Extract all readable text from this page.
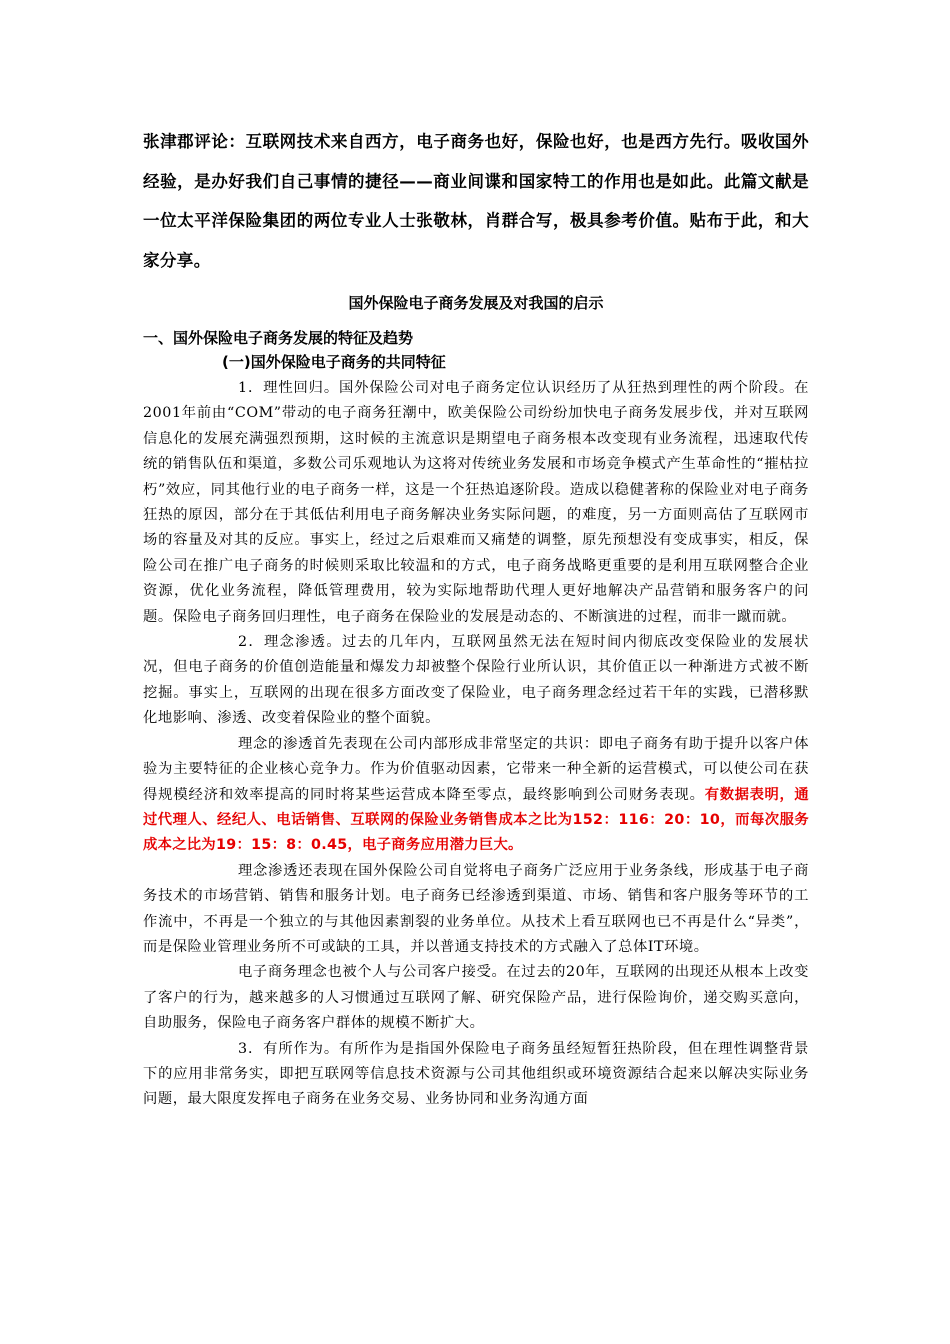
张津郡评论：互联网技术来自西方，电子商务也好，保险也好，也是西方先行。吸收国外经验，是办好我们自己事情的捷径——商业间谍和国家特工的作用也是如此。此篇文献是一位太平洋保险集团的两位专业人士张敬林，肖群合写，极具参考价值。贴布于此，和大家分享。

国外保险电子商务发展及对我国的启示

一、国外保险电子商务发展的特征及趋势

(一)国外保险电子商务的共同特征

1．理性回归。国外保险公司对电子商务定位认识经历了从狂热到理性的两个阶段。在2001年前由“COM”带动的电子商务狂潮中，欧美保险公司纷纷加快电子商务发展步伐，并对互联网信息化的发展充满强烈预期，这时候的主流意识是期望电子商务根本改变现有业务流程，迅速取代传统的销售队伍和渠道，多数公司乐观地认为这将对传统业务发展和市场竞争模式产生革命性的“摧枯拉朽”效应，同其他行业的电子商务一样，这是一个狂热追逐阶段。造成以稳健著称的保险业对电子商务狂热的原因，部分在于其低估利用电子商务解决业务实际问题，的难度，另一方面则高估了互联网市场的容量及对其的反应。事实上，经过之后艰难而又痛楚的调整，原先预想没有变成事实，相反，保险公司在推广电子商务的时候则采取比较温和的方式，电子商务战略更重要的是利用互联网整合企业资源，优化业务流程，降低管理费用，较为实际地帮助代理人更好地解决产品营销和服务客户的问题。保险电子商务回归理性，电子商务在保险业的发展是动态的、不断演进的过程，而非一蹴而就。

2．理念渗透。过去的几年内，互联网虽然无法在短时间内彻底改变保险业的发展状况，但电子商务的价值创造能量和爆发力却被整个保险行业所认识，其价值正以一种渐进方式被不断挖掘。事实上，互联网的出现在很多方面改变了保险业，电子商务理念经过若干年的实践，已潜移默化地影响、渗透、改变着保险业的整个面貌。

理念的渗透首先表现在公司内部形成非常坚定的共识：即电子商务有助于提升以客户体验为主要特征的企业核心竞争力。作为价值驱动因素，它带来一种全新的运营模式，可以使公司在获得规模经济和效率提高的同时将某些运营成本降至零点，最终影响到公司财务表现。有数据表明，通过代理人、经纪人、电话销售、互联网的保险业务销售成本之比为152：116：20：10，而每次服务成本之比为19：15：8：0.45，电子商务应用潜力巨大。

理念渗透还表现在国外保险公司自觉将电子商务广泛应用于业务条线，形成基于电子商务技术的市场营销、销售和服务计划。电子商务已经渗透到渠道、市场、销售和客户服务等环节的工作流中，不再是一个独立的与其他因素割裂的业务单位。从技术上看互联网也已不再是什么“异类”，而是保险业管理业务所不可或缺的工具，并以普通支持技术的方式融入了总体IT环境。

电子商务理念也被个人与公司客户接受。在过去的20年，互联网的出现还从根本上改变了客户的行为，越来越多的人习惯通过互联网了解、研究保险产品，进行保险询价，递交购买意向，自助服务，保险电子商务客户群体的规模不断扩大。

3．有所作为。有所作为是指国外保险电子商务虽经短暂狂热阶段，但在理性调整背景下的应用非常务实，即把互联网等信息技术资源与公司其他组织或环境资源结合起来以解决实际业务问题，最大限度发挥电子商务在业务交易、业务协同和业务沟通方面
